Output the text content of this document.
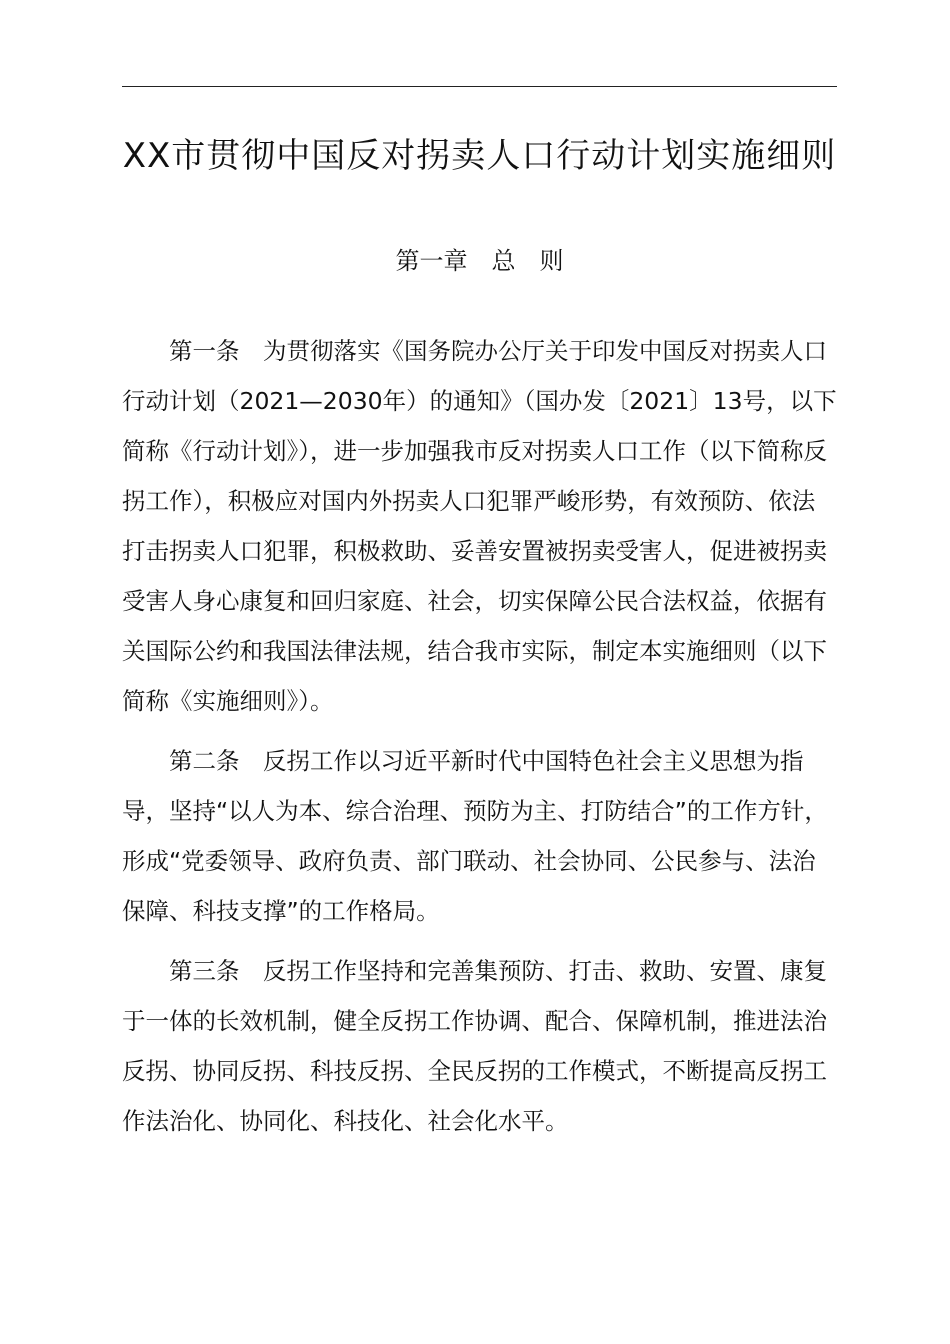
XX市贯彻中国反对拐卖人口行动计划实施细则
第一章　总　则

第一条 为贯彻落实《国务院办公厅关于印发中国反对拐卖人口行动计划（2021—2030年）的通知》（国办发〔2021〕13号，以下简称《行动计划》），进一步加强我市反对拐卖人口工作（以下简称反拐工作），积极应对国内外拐卖人口犯罪严峻形势，有效预防、依法打击拐卖人口犯罪，积极救助、妥善安置被拐卖受害人，促进被拐卖受害人身心康复和回归家庭、社会，切实保障公民合法权益，依据有关国际公约和我国法律法规，结合我市实际，制定本实施细则（以下简称《实施细则》）。

第二条 反拐工作以习近平新时代中国特色社会主义思想为指导，坚持“以人为本、综合治理、预防为主、打防结合”的工作方针，形成“党委领导、政府负责、部门联动、社会协同、公民参与、法治保障、科技支撑”的工作格局。

第三条 反拐工作坚持和完善集预防、打击、救助、安置、康复于一体的长效机制，健全反拐工作协调、配合、保障机制，推进法治反拐、协同反拐、科技反拐、全民反拐的工作模式，不断提高反拐工作法治化、协同化、科技化、社会化水平。
